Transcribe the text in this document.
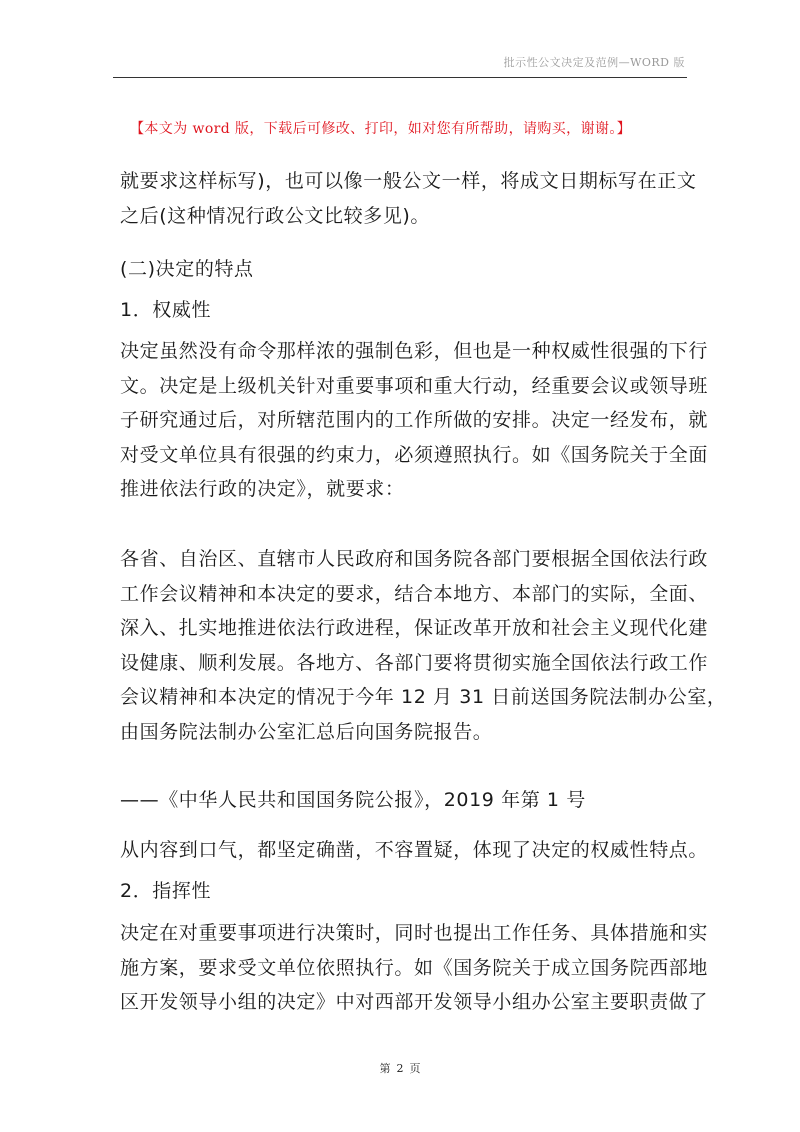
批示性公文决定及范例—WORD 版
【本文为 word 版，下载后可修改、打印，如对您有所帮助，请购买，谢谢。】
就要求这样标写)，也可以像一般公文一样，将成文日期标写在正文
之后(这种情况行政公文比较多见)。
(二)决定的特点
1．权威性
决定虽然没有命令那样浓的强制色彩，但也是一种权威性很强的下行
文。决定是上级机关针对重要事项和重大行动，经重要会议或领导班
子研究通过后，对所辖范围内的工作所做的安排。决定一经发布，就
对受文单位具有很强的约束力，必须遵照执行。如《国务院关于全面
推进依法行政的决定》，就要求：
各省、自治区、直辖市人民政府和国务院各部门要根据全国依法行政
工作会议精神和本决定的要求，结合本地方、本部门的实际，全面、
深入、扎实地推进依法行政进程，保证改革开放和社会主义现代化建
设健康、顺利发展。各地方、各部门要将贯彻实施全国依法行政工作
会议精神和本决定的情况于今年 12 月 31 日前送国务院法制办公室，
由国务院法制办公室汇总后向国务院报告。
——《中华人民共和国国务院公报》，2019 年第 1 号
从内容到口气，都坚定确凿，不容置疑，体现了决定的权威性特点。
2．指挥性
决定在对重要事项进行决策时，同时也提出工作任务、具体措施和实
施方案，要求受文单位依照执行。如《国务院关于成立国务院西部地
区开发领导小组的决定》中对西部开发领导小组办公室主要职责做了
第 2 页
